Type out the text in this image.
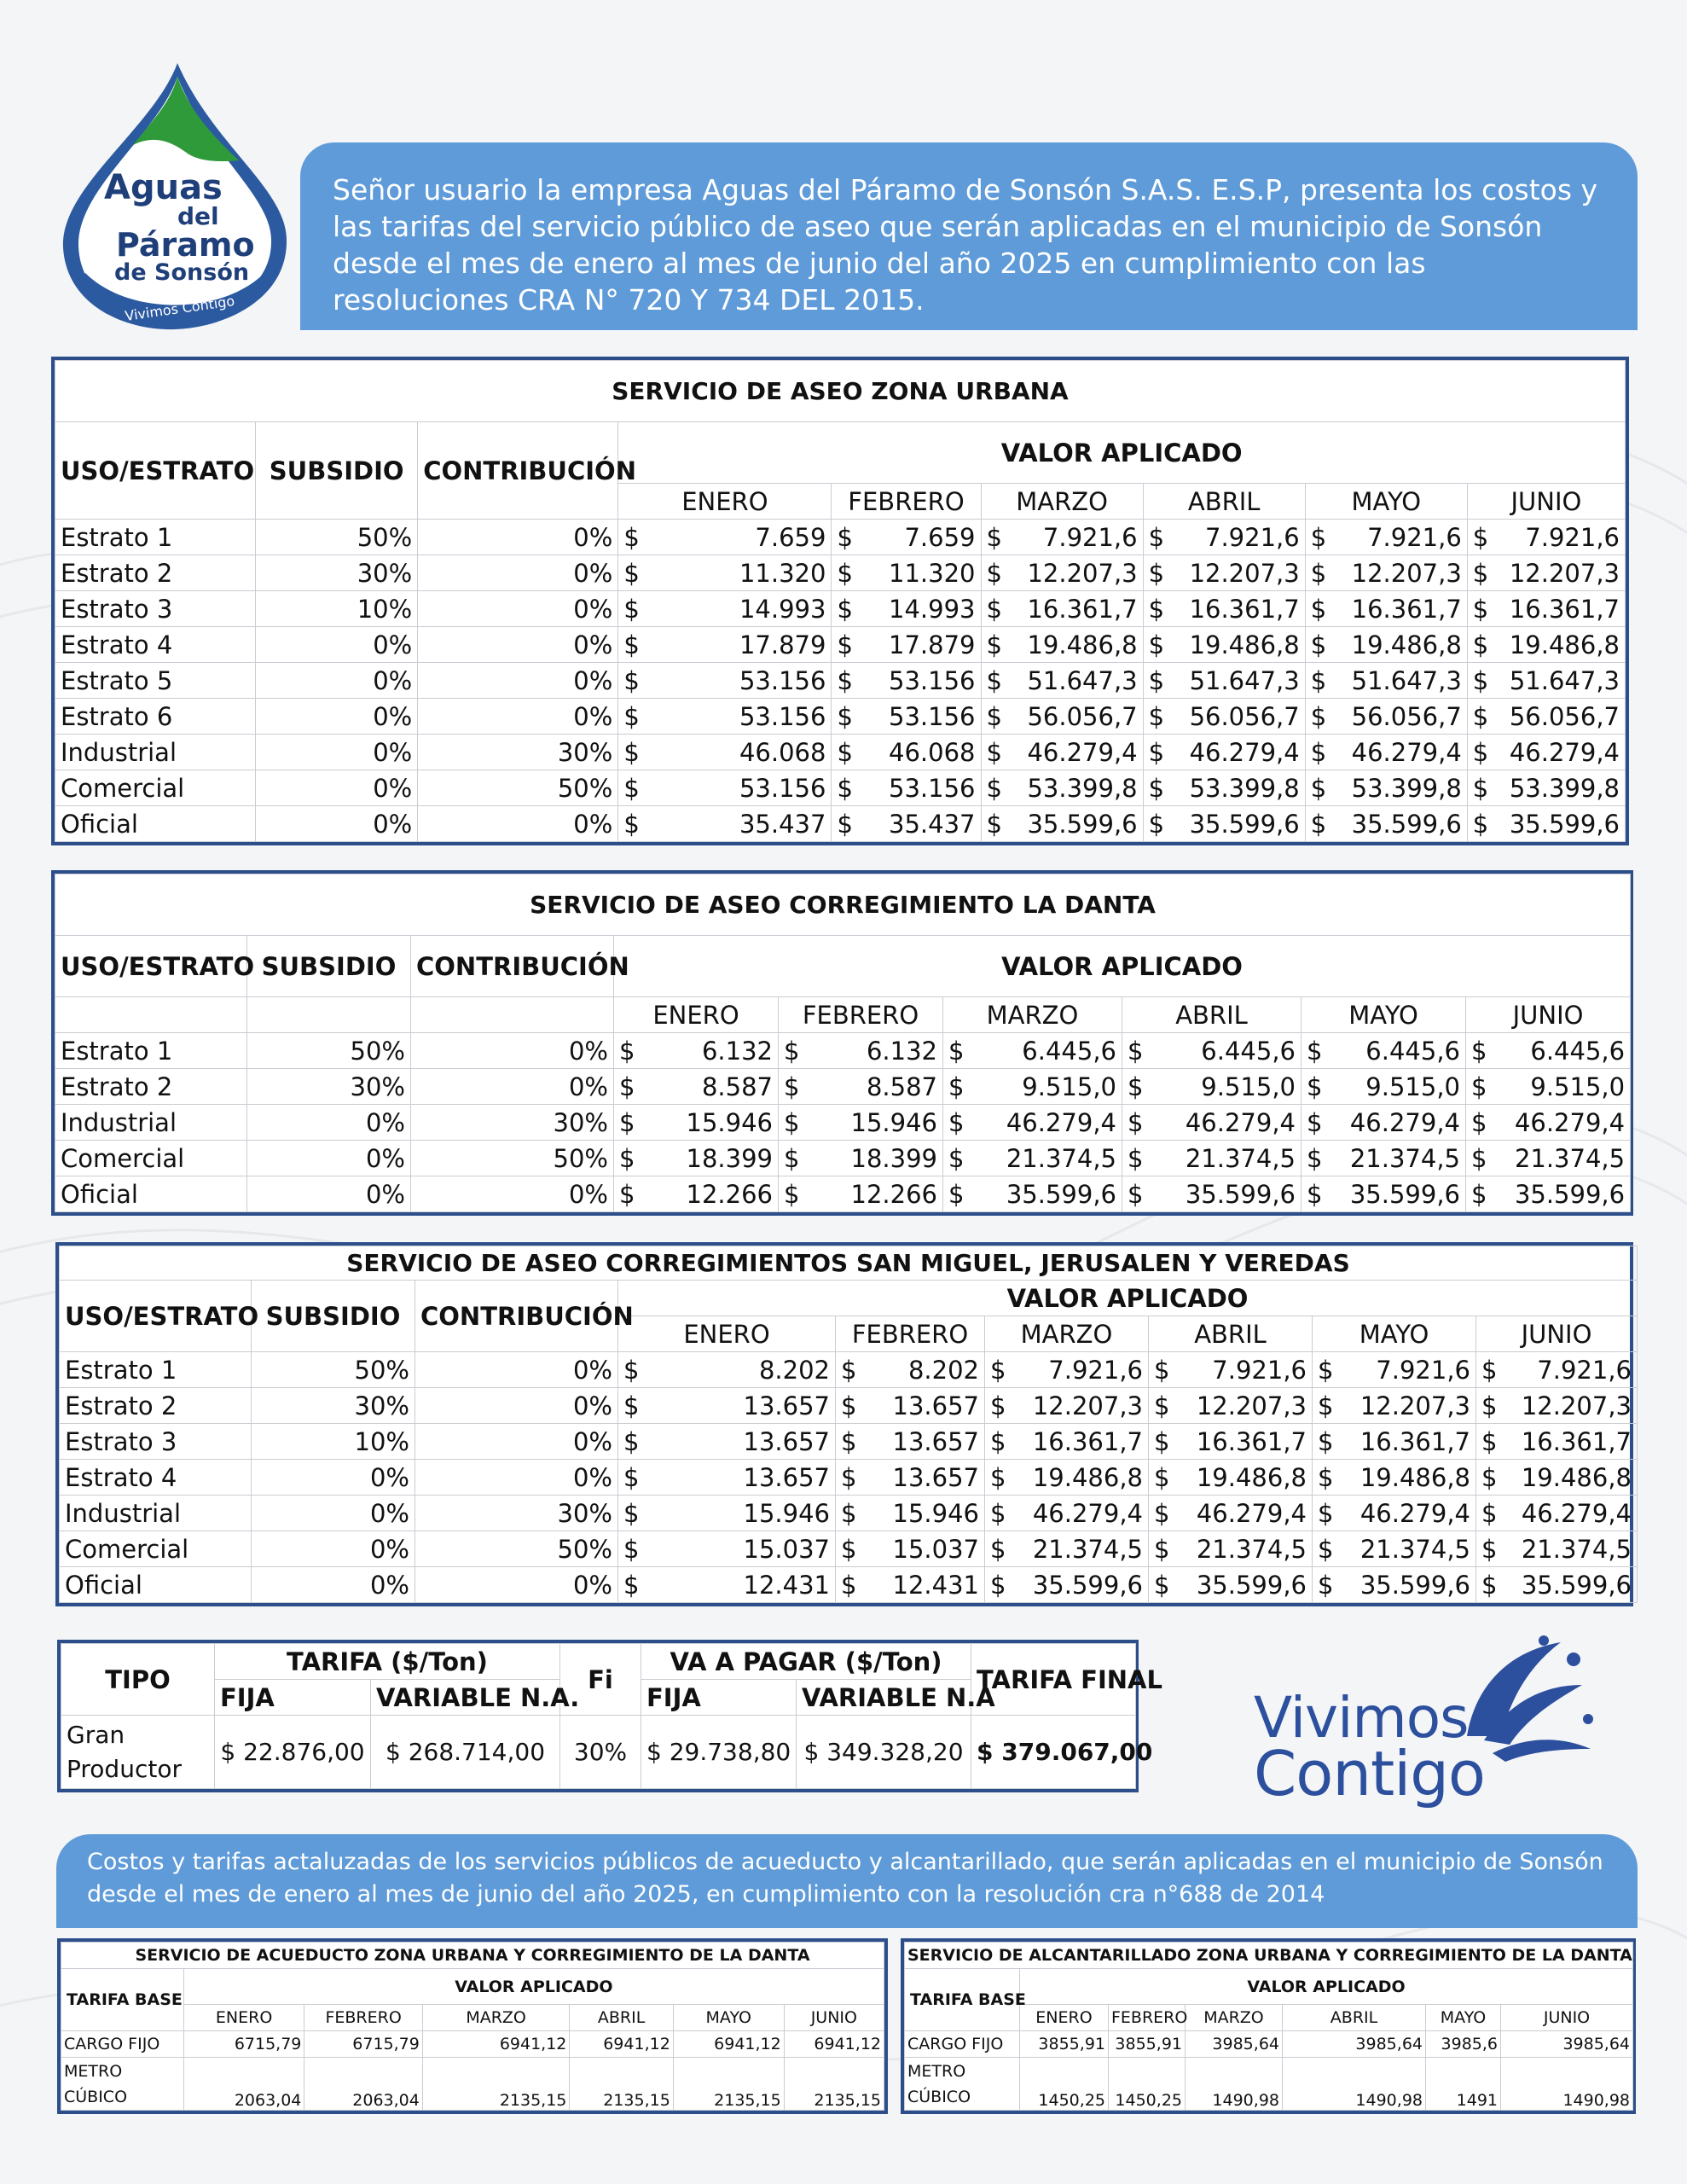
Aguas
del
Páramo
de Sonsón
Vivimos Contigo
Señor usuario la empresa Aguas del Páramo de Sonsón S.A.S. E.S.P, presenta los costos y las tarifas del servicio público de aseo que serán aplicadas en el municipio de Sonsón desde el mes de enero al mes de junio del año 2025 en cumplimiento con las resoluciones CRA N° 720 Y 734 DEL 2015.
SERVICIO DE ASEO ZONA URBANA								
USO/ESTRATO	SUBSIDIO	CONTRIBUCIÓN	VALOR APLICADO					
			ENERO	FEBRERO	MARZO	ABRIL	MAYO	JUNIO
Estrato 1	50%	0%	$ 7.659	$ 7.659	$ 7.921,6	$ 7.921,6	$ 7.921,6	$ 7.921,6

Estrato 2	30%	0%	$ 11.320	$ 11.320	$ 12.207,3	$ 12.207,3	$ 12.207,3	$ 12.207,3

Estrato 3	10%	0%	$ 14.993	$ 14.993	$ 16.361,7	$ 16.361,7	$ 16.361,7	$ 16.361,7

Estrato 4	0%	0%	$ 17.879	$ 17.879	$ 19.486,8	$ 19.486,8	$ 19.486,8	$ 19.486,8

Estrato 5	0%	0%	$ 53.156	$ 53.156	$ 51.647,3	$ 51.647,3	$ 51.647,3	$ 51.647,3

Estrato 6	0%	0%	$ 53.156	$ 53.156	$ 56.056,7	$ 56.056,7	$ 56.056,7	$ 56.056,7

Industrial	0%	30%	$ 46.068	$ 46.068	$ 46.279,4	$ 46.279,4	$ 46.279,4	$ 46.279,4

Comercial	0%	50%	$ 53.156	$ 53.156	$ 53.399,8	$ 53.399,8	$ 53.399,8	$ 53.399,8

Oficial	0%	0%	$ 35.437	$ 35.437	$ 35.599,6	$ 35.599,6	$ 35.599,6	$ 35.599,6
SERVICIO DE ASEO CORREGIMIENTO LA DANTA								
USO/ESTRATO	SUBSIDIO	CONTRIBUCIÓN	VALOR APLICADO					
			ENERO	FEBRERO	MARZO	ABRIL	MAYO	JUNIO
Estrato 1	50%	0%	$ 6.132	$ 6.132	$ 6.445,6	$ 6.445,6	$ 6.445,6	$ 6.445,6

Estrato 2	30%	0%	$ 8.587	$ 8.587	$ 9.515,0	$ 9.515,0	$ 9.515,0	$ 9.515,0

Industrial	0%	30%	$ 15.946	$ 15.946	$ 46.279,4	$ 46.279,4	$ 46.279,4	$ 46.279,4

Comercial	0%	50%	$ 18.399	$ 18.399	$ 21.374,5	$ 21.374,5	$ 21.374,5	$ 21.374,5

Oficial	0%	0%	$ 12.266	$ 12.266	$ 35.599,6	$ 35.599,6	$ 35.599,6	$ 35.599,6
SERVICIO DE ASEO CORREGIMIENTOS SAN MIGUEL, JERUSALEN Y VEREDAS								
USO/ESTRATO	SUBSIDIO	CONTRIBUCIÓN	VALOR APLICADO					
			ENERO	FEBRERO	MARZO	ABRIL	MAYO	JUNIO
Estrato 1	50%	0%	$ 8.202	$ 8.202	$ 7.921,6	$ 7.921,6	$ 7.921,6	$ 7.921,6

Estrato 2	30%	0%	$ 13.657	$ 13.657	$ 12.207,3	$ 12.207,3	$ 12.207,3	$ 12.207,3

Estrato 3	10%	0%	$ 13.657	$ 13.657	$ 16.361,7	$ 16.361,7	$ 16.361,7	$ 16.361,7

Estrato 4	0%	0%	$ 13.657	$ 13.657	$ 19.486,8	$ 19.486,8	$ 19.486,8	$ 19.486,8

Industrial	0%	30%	$ 15.946	$ 15.946	$ 46.279,4	$ 46.279,4	$ 46.279,4	$ 46.279,4

Comercial	0%	50%	$ 15.037	$ 15.037	$ 21.374,5	$ 21.374,5	$ 21.374,5	$ 21.374,5

Oficial	0%	0%	$ 12.431	$ 12.431	$ 35.599,6	$ 35.599,6	$ 35.599,6	$ 35.599,6
TIPO	TARIFA ($/Ton)		Fi	VA A PAGAR ($/Ton)		TARIFA FINAL
	FIJA	VARIABLE N.A.		FIJA	VARIABLE N.A	

Gran
Productor	$ 22.876,00	$ 268.714,00	30%	$ 29.738,80	$ 349.328,20	$ 379.067,00
Vivimos
Contigo
Costos y tarifas actaluzadas de los servicios públicos de acueducto y alcantarillado, que serán aplicadas en el municipio de Sonsón desde el mes de enero al mes de junio del año 2025, en cumplimiento con la resolución cra n°688 de 2014
SERVICIO DE ACUEDUCTO ZONA URBANA Y CORREGIMIENTO DE LA DANTA						
TARIFA BASE	VALOR APLICADO					
	ENERO	FEBRERO	MARZO	ABRIL	MAYO	JUNIO
CARGO FIJO	6715,79	6715,79	6941,12	6941,12	6941,12	6941,12

METRO
CÚBICO	2063,04	2063,04	2135,15	2135,15	2135,15	2135,15
SERVICIO DE ALCANTARILLADO ZONA URBANA Y CORREGIMIENTO DE LA DANTA						
TARIFA BASE	VALOR APLICADO					
	ENERO	FEBRERO	MARZO	ABRIL	MAYO	JUNIO
CARGO FIJO	3855,91	3855,91	3985,64	3985,64	3985,6	3985,64

METRO
CÚBICO	1450,25	1450,25	1490,98	1490,98	1491	1490,98
